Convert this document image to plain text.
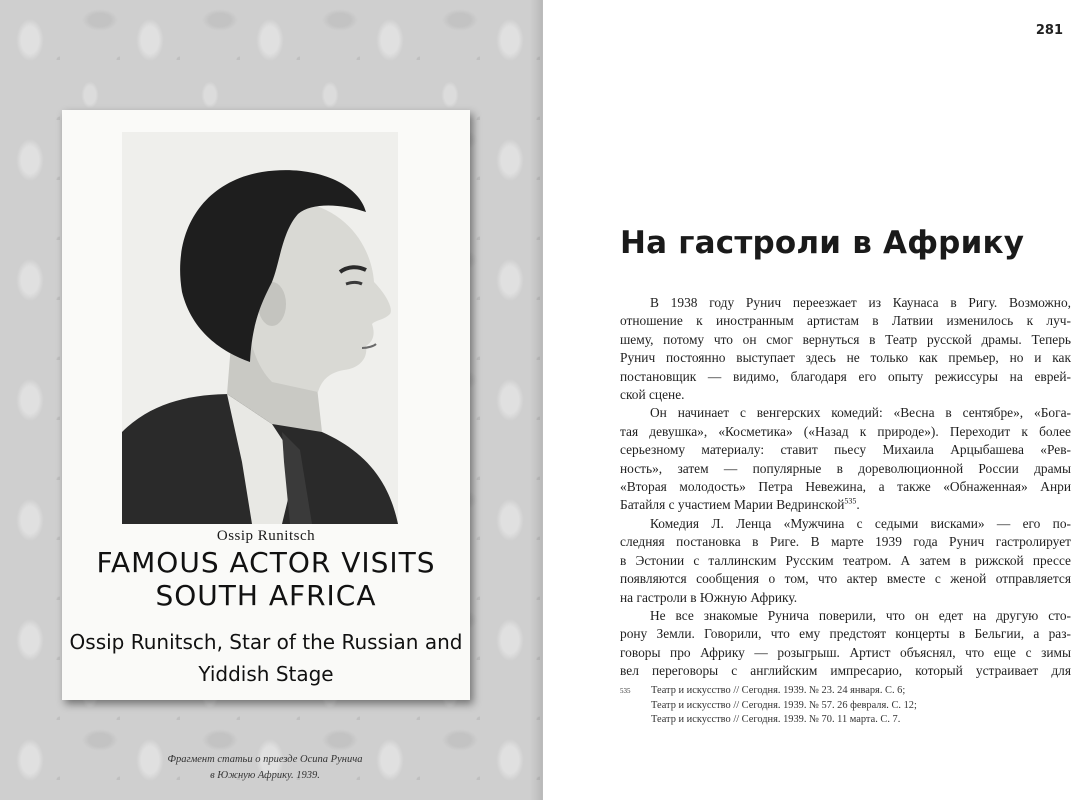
Ossip Runitsch
FAMOUS ACTOR VISITS
SOUTH AFRICA
Ossip Runitsch, Star of the Russian and
Yiddish Stage
Фрагмент статьи о приезде Осипа Рунича
в Южную Африку. 1939.
281
На гастроли в Африку
В 1938 году Рунич переезжает из Каунаса в Ригу. Возможно,
отношение к иностранным артистам в Латвии изменилось к луч-
шему, потому что он смог вернуться в Театр русской драмы. Теперь
Рунич постоянно выступает здесь не только как премьер, но и как
постановщик — видимо, благодаря его опыту режиссуры на еврей-
ской сцене.
Он начинает с венгерских комедий: «Весна в сентябре», «Бога-
тая девушка», «Косметика» («Назад к природе»). Переходит к более
серьезному материалу: ставит пьесу Михаила Арцыбашева «Рев-
ность», затем — популярные в дореволюционной России драмы
«Вторая молодость» Петра Невежина, а также «Обнаженная» Анри
Батайля с участием Марии Ведринской$^{535}$.
Комедия Л. Ленца «Мужчина с седыми висками» — его по-
следняя постановка в Риге. В марте 1939 года Рунич гастролирует
в Эстонии с таллинским Русским театром. А затем в рижской прессе
появляются сообщения о том, что актер вместе с женой отправляется
на гастроли в Южную Африку.
Не все знакомые Рунича поверили, что он едет на другую сто-
рону Земли. Говорили, что ему предстоят концерты в Бельгии, а раз-
говоры про Африку — розыгрыш. Артист объяснял, что еще с зимы
вел переговоры с английским импресарио, который устраивает для
535 Театр и искусство // Сегодня. 1939. № 23. 24 января. С. 6;
Театр и искусство // Сегодня. 1939. № 57. 26 февраля. С. 12;
Театр и искусство // Сегодня. 1939. № 70. 11 марта. С. 7.
